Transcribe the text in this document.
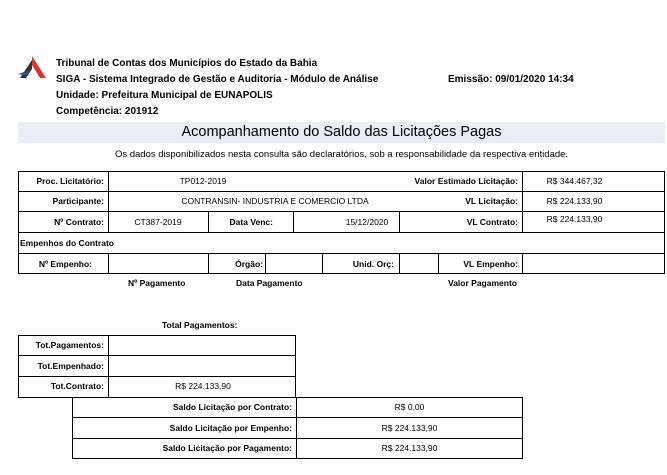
Tribunal de Contas dos Municípios do Estado da Bahia
SIGA - Sistema Integrado de Gestão e Auditoria - Módulo de Análise
Unidade: Prefeitura Municipal de EUNAPOLIS
Competência: 201912
Emissão: 09/01/2020 14:34
Acompanhamento do Saldo das Licitações Pagas
Os dados disponibilizados nesta consulta são declaratórios, sob a responsabilidade da respectiva entidade.
Proc. Licitatório:	TP012-2019	Valor Estimado Licitação:	R$ 344.467,32
Participante:	CONTRANSIN- INDUSTRIA E COMERCIO LTDA	VL Licitação:	R$ 224.133,90
Nº Contrato:	CT387-2019	Data Venc:	15/12/2020	VL Contrato:	R$ 224.133,90
Empenhos do Contrato
Nº Empenho:	Órgão:	Unid. Orç:	VL Empenho:
Nº Pagamento	Data Pagamento	Valor Pagamento
Total Pagamentos:
Tot.Pagamentos:
Tot.Empenhado:
Tot.Contrato:	R$ 224.133,90
Saldo Licitação por Contrato:	R$ 0,00
Saldo Licitação por Empenho:	R$ 224.133,90
Saldo Licitação por Pagamento:	R$ 224.133,90
